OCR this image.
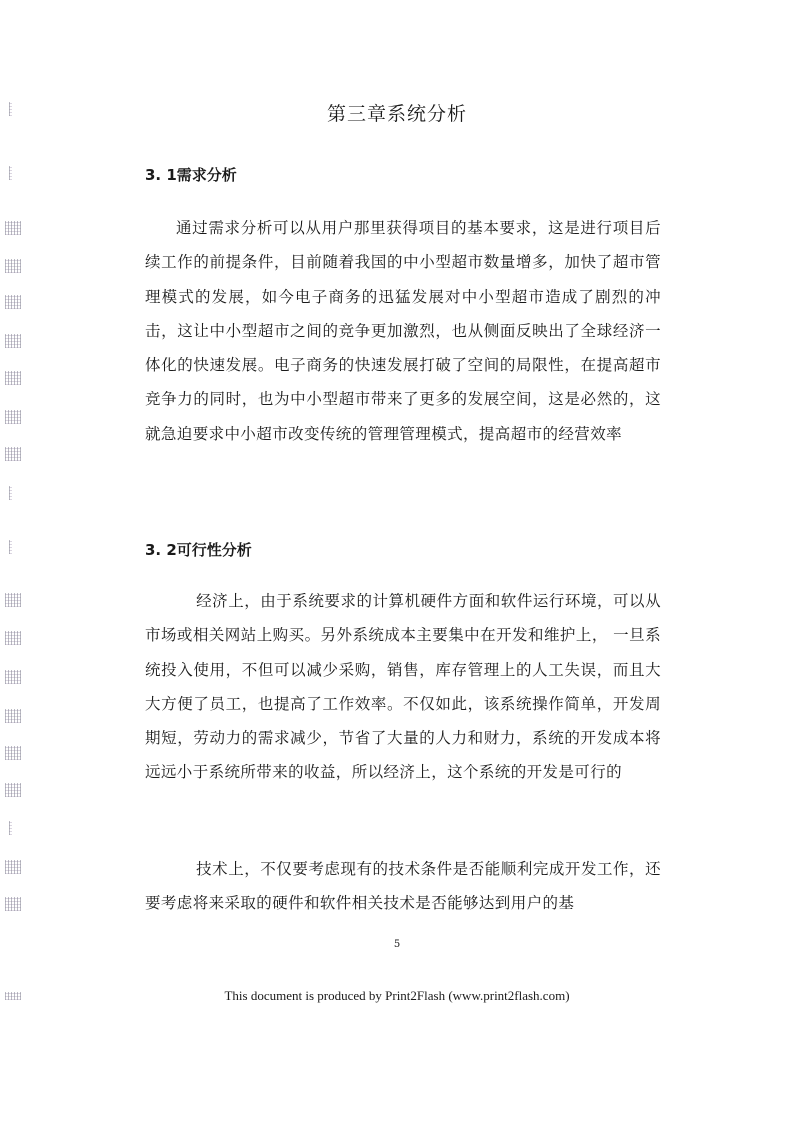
第三章系统分析
3. 1需求分析

通过需求分析可以从用户那里获得项目的基本要求，这是进行项目后续工作的前提条件，目前随着我国的中小型超市数量增多，加快了超市管理模式的发展，如今电子商务的迅猛发展对中小型超市造成了剧烈的冲击，这让中小型超市之间的竞争更加激烈，也从侧面反映出了全球经济一体化的快速发展。电子商务的快速发展打破了空间的局限性，在提高超市竞争力的同时，也为中小型超市带来了更多的发展空间，这是必然的，这就急迫要求中小超市改变传统的管理管理模式，提高超市的经营效率

3. 2可行性分析

经济上，由于系统要求的计算机硬件方面和软件运行环境，可以从市场或相关网站上购买。另外系统成本主要集中在开发和维护上， 一旦系统投入使用，不但可以减少采购，销售，库存管理上的人工失误，而且大大方便了员工，也提高了工作效率。不仅如此，该系统操作简单，开发周期短，劳动力的需求减少，节省了大量的人力和财力，系统的开发成本将远远小于系统所带来的收益，所以经济上，这个系统的开发是可行的

技术上，不仅要考虑现有的技术条件是否能顺利完成开发工作，还要考虑将来采取的硬件和软件相关技术是否能够达到用户的基

5
This document is produced by Print2Flash (www.print2flash.com)
